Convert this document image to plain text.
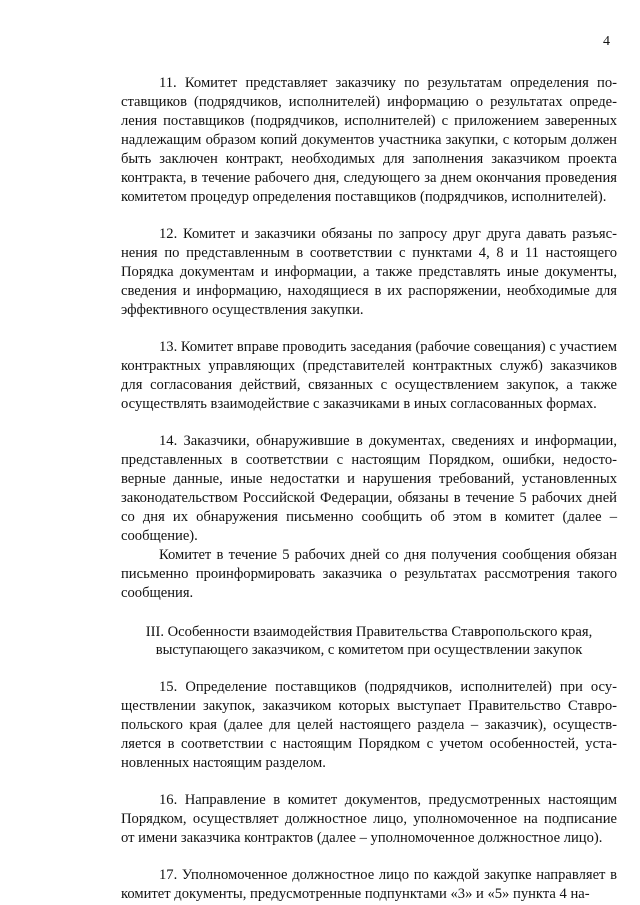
4

11. Комитет представляет заказчику по результатам определения поставщиков (подрядчиков, исполнителей) информацию о результатах определения поставщиков (подрядчиков, исполнителей) с приложением заверенных надлежащим образом копий документов участника закупки, с которым должен быть заключен контракт, необходимых для заполнения заказчиком проекта контракта, в течение рабочего дня, следующего за днем окончания проведения комитетом процедур определения поставщиков (подрядчиков, исполнителей).

12. Комитет и заказчики обязаны по запросу друг друга давать разъяснения по представленным в соответствии с пунктами 4, 8 и 11 настоящего Порядка документам и информации, а также представлять иные документы, сведения и информацию, находящиеся в их распоряжении, необходимые для эффективного осуществления закупки.

13. Комитет вправе проводить заседания (рабочие совещания) с участием контрактных управляющих (представителей контрактных служб) заказчиков для согласования действий, связанных с осуществлением закупок, а также осуществлять взаимодействие с заказчиками в иных согласованных формах.

14. Заказчики, обнаружившие в документах, сведениях и информации, представленных в соответствии с настоящим Порядком, ошибки, недостоверные данные, иные недостатки и нарушения требований, установленных законодательством Российской Федерации, обязаны в течение 5 рабочих дней со дня их обнаружения письменно сообщить об этом в комитет (далее – сообщение).

Комитет в течение 5 рабочих дней со дня получения сообщения обязан письменно проинформировать заказчика о результатах рассмотрения такого сообщения.

III. Особенности взаимодействия Правительства Ставропольского края,
выступающего заказчиком, с комитетом при осуществлении закупок

15. Определение поставщиков (подрядчиков, исполнителей) при осуществлении закупок, заказчиком которых выступает Правительство Ставропольского края (далее для целей настоящего раздела – заказчик), осуществляется в соответствии с настоящим Порядком с учетом особенностей, установленных настоящим разделом.

16. Направление в комитет документов, предусмотренных настоящим Порядком, осуществляет должностное лицо, уполномоченное на подписание от имени заказчика контрактов (далее – уполномоченное должностное лицо).

17. Уполномоченное должностное лицо по каждой закупке направляет в комитет документы, предусмотренные подпунктами «3» и «5» пункта 4 на-
